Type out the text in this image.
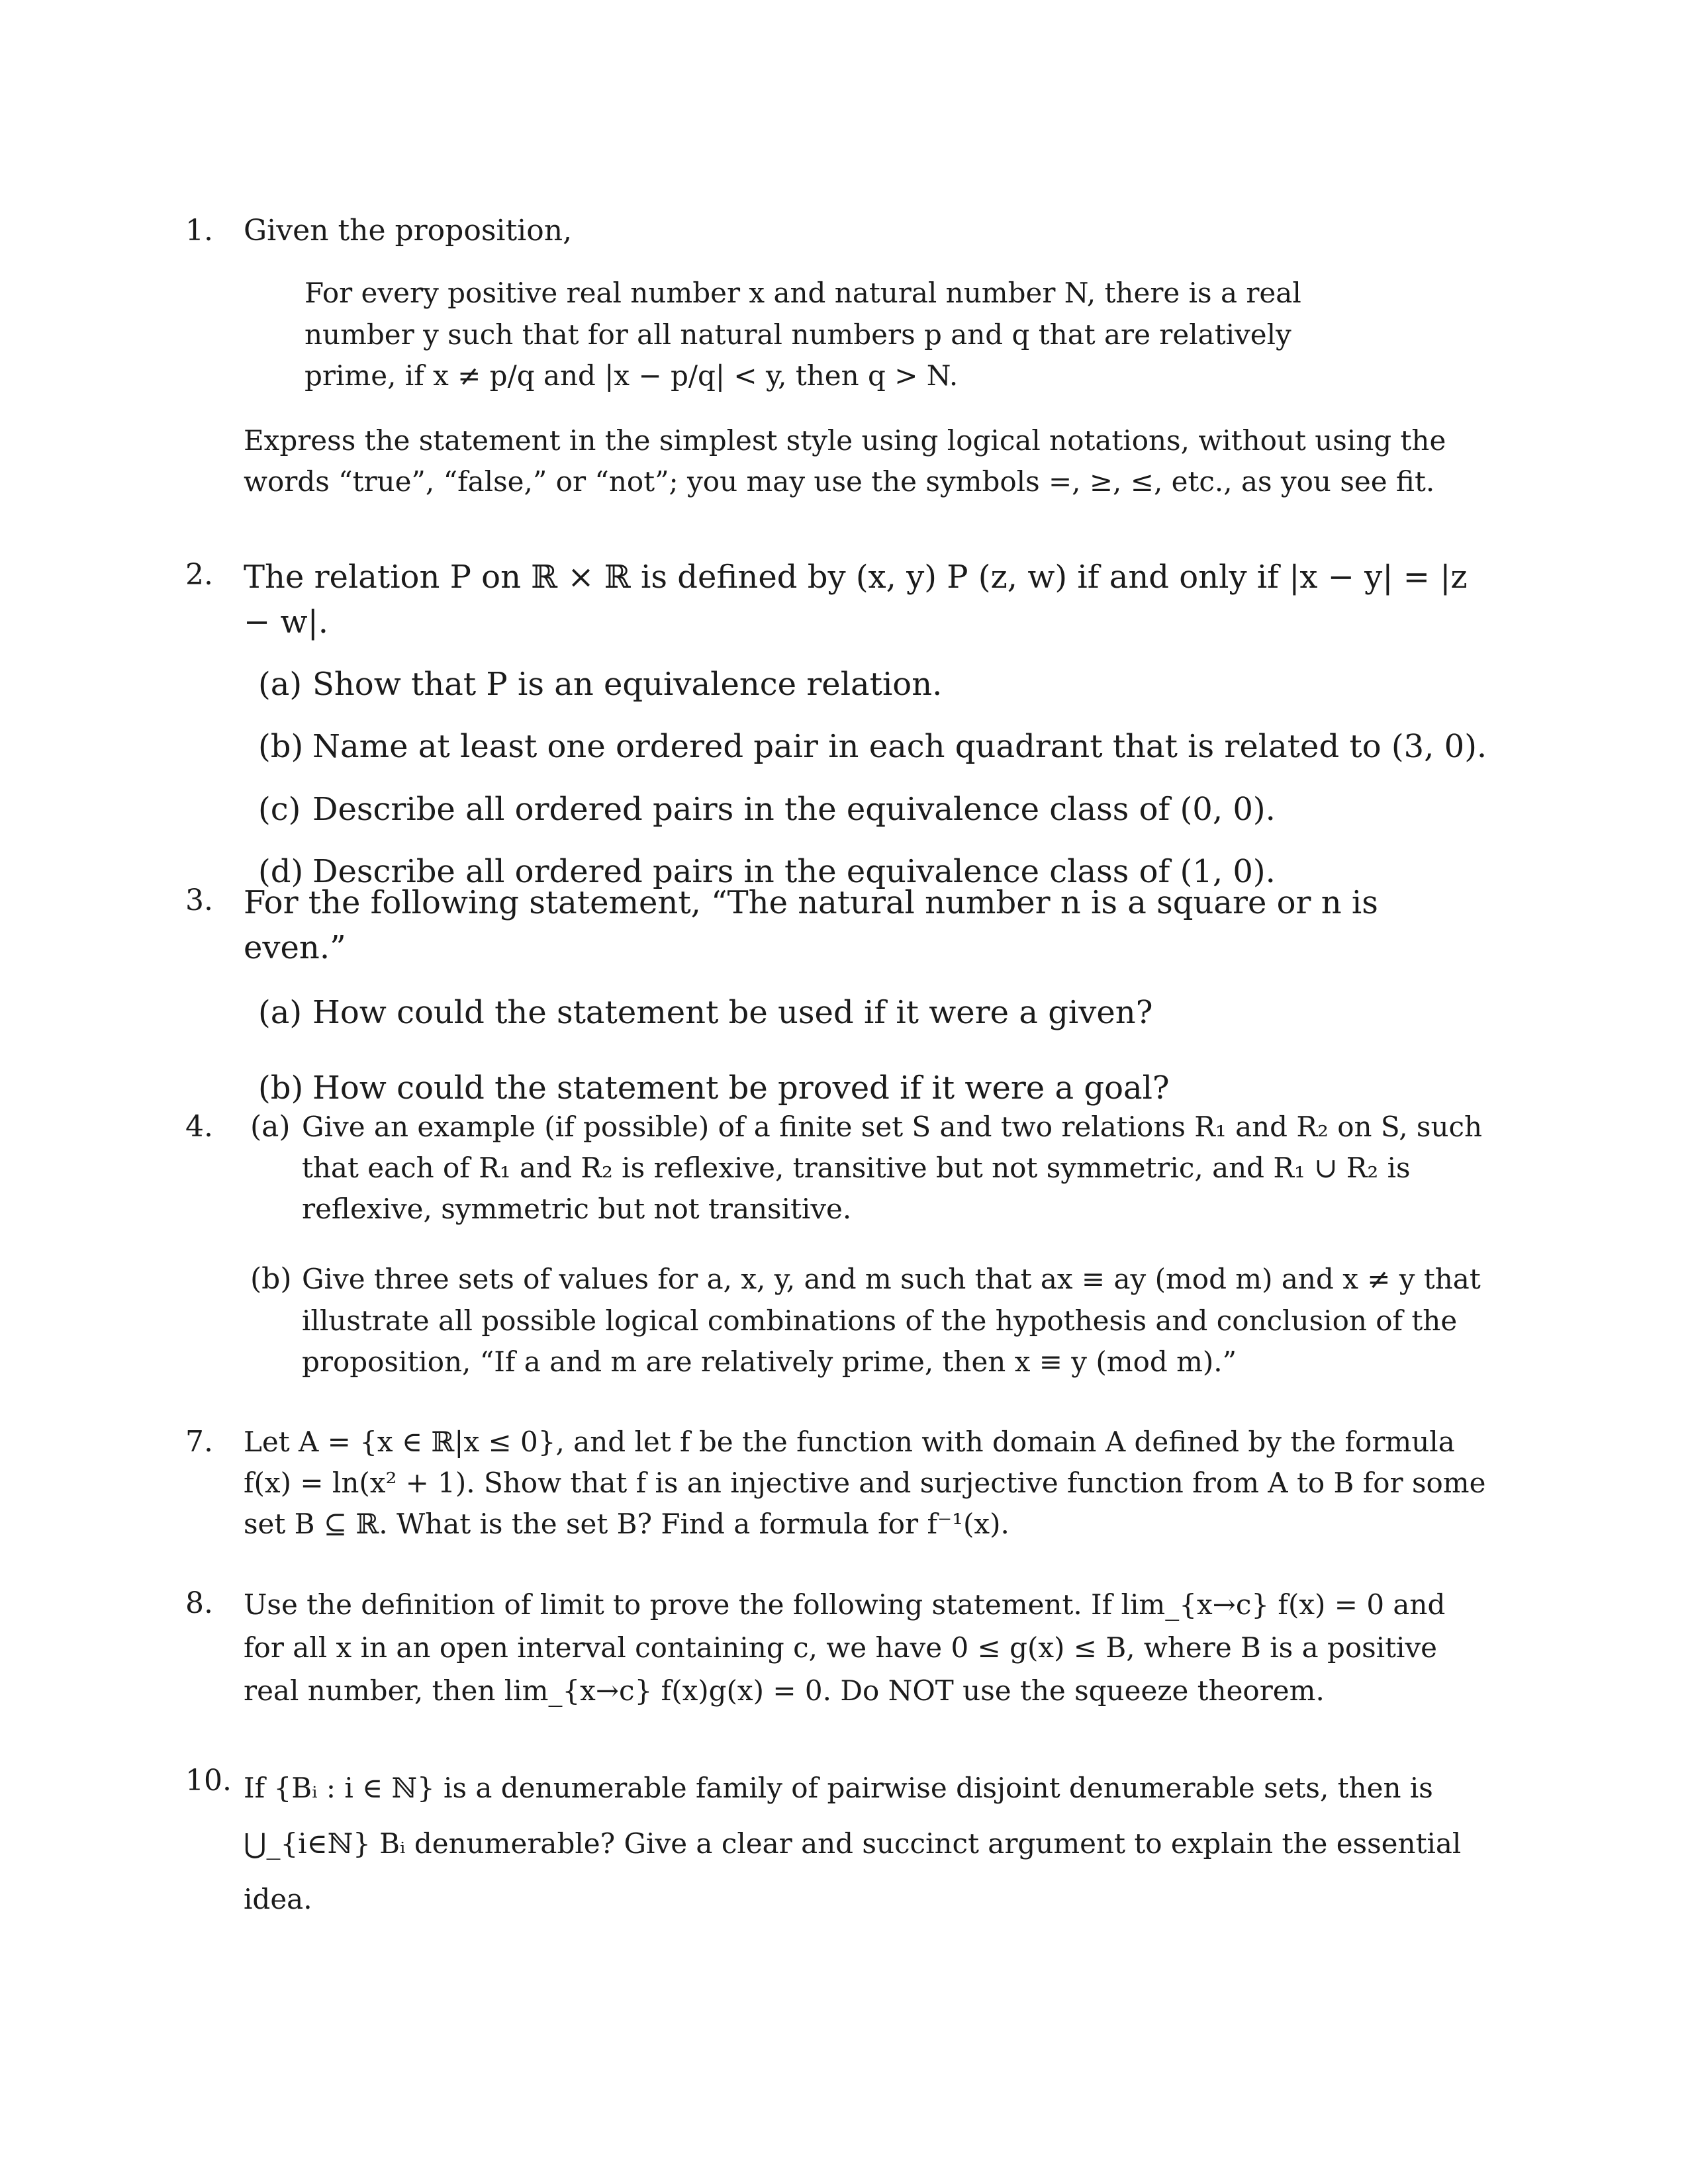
1.	Given the proposition,

For every positive real number x and natural number N, there is a real number y such that for all natural numbers p and q that are relatively prime, if x ≠ p/q and |x − p/q| < y, then q > N.

Express the statement in the simplest style using logical notations, without using the words “true”, “false,” or “not”; you may use the symbols =, ≥, ≤, etc., as you see fit.

2. The relation P on ℝ × ℝ is defined by (x, y) P (z, w) if and only if |x − y| = |z − w|.

(a) Show that P is an equivalence relation.
(b) Name at least one ordered pair in each quadrant that is related to (3, 0).
(c) Describe all ordered pairs in the equivalence class of (0, 0).
(d) Describe all ordered pairs in the equivalence class of (1, 0).
3. For the following statement, “The natural number n is a square or n is even.”

(a) How could the statement be used if it were a given?
(b) How could the statement be proved if it were a goal?
4. (a) Give an example (if possible) of a finite set S and two relations R₁ and R₂ on S, such that each of R₁ and R₂ is reflexive, transitive but not symmetric, and R₁ ∪ R₂ is reflexive, symmetric but not transitive.
(b) Give three sets of values for a, x, y, and m such that ax ≡ ay (mod m) and x ≠ y that illustrate all possible logical combinations of the hypothesis and conclusion of the proposition, “If a and m are relatively prime, then x ≡ y (mod m).”
7.	Let A = {x ∈ ℝ|x ≤ 0}, and let f be the function with domain A defined by the formula f(x) = ln(x² + 1). Show that f is an injective and surjective function from A to B for some set B ⊆ ℝ. What is the set B? Find a formula for f⁻¹(x).

8.	Use the definition of limit to prove the following statement. If lim_{x→c} f(x) = 0 and for all x in an open interval containing c, we have 0 ≤ g(x) ≤ B, where B is a positive real number, then lim_{x→c} f(x)g(x) = 0. Do NOT use the squeeze theorem.

10. If {Bᵢ : i ∈ ℕ} is a denumerable family of pairwise disjoint denumerable sets, then is ⋃_{i∈ℕ} Bᵢ denumerable? Give a clear and succinct argument to explain the essential idea.
